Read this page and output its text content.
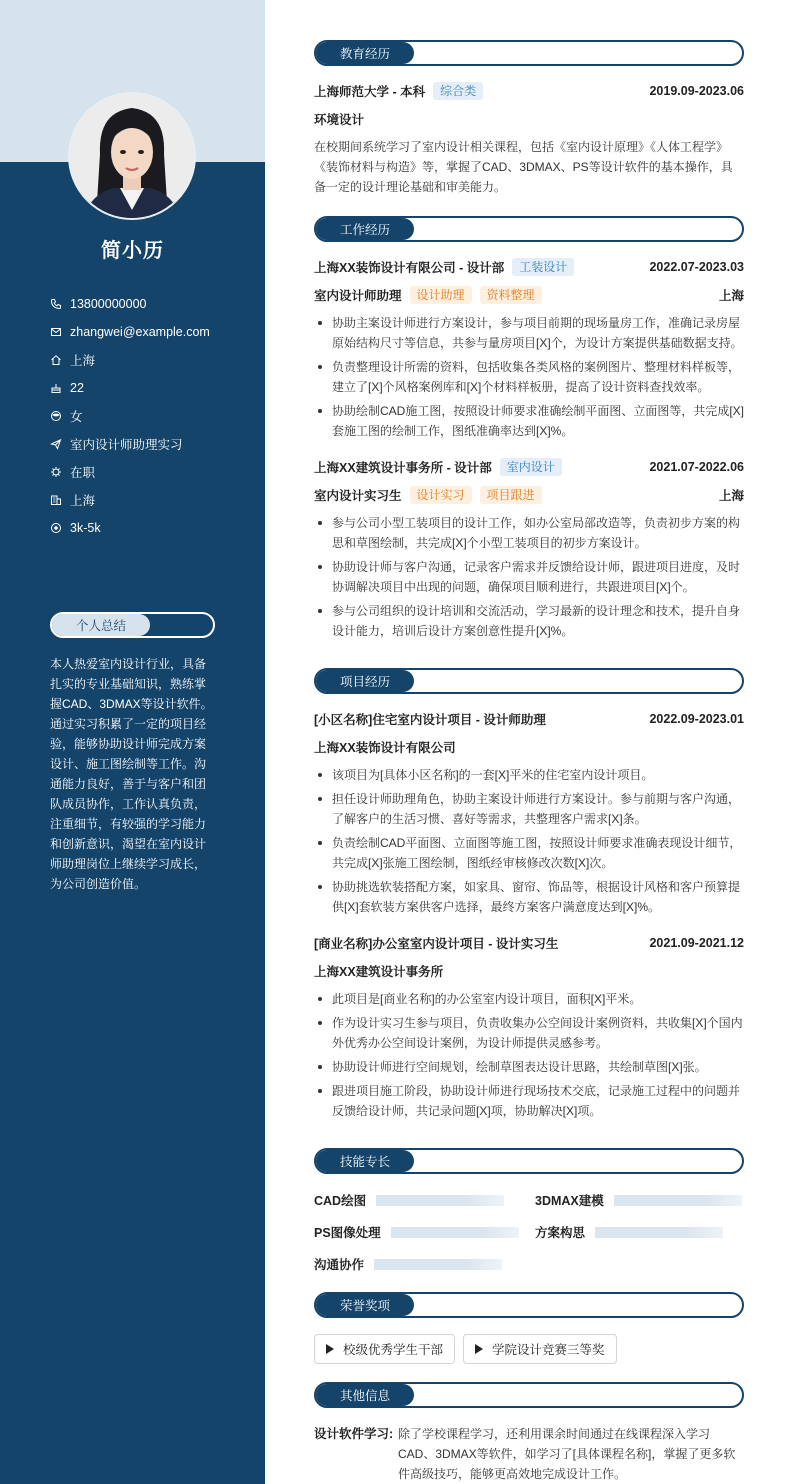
简小历
13800000000
zhangwei@example.com
上海
22
女
室内设计师助理实习
在职
上海
3k-5k
个人总结
本人热爱室内设计行业，具备扎实的专业基础知识，熟练掌握CAD、3DMAX等设计软件。通过实习积累了一定的项目经验，能够协助设计师完成方案设计、施工图绘制等工作。沟通能力良好，善于与客户和团队成员协作，工作认真负责，注重细节，有较强的学习能力和创新意识，渴望在室内设计师助理岗位上继续学习成长，为公司创造价值。
教育经历
上海师范大学 - 本科	综合类	2019.09-2023.06
环境设计
在校期间系统学习了室内设计相关课程，包括《室内设计原理》《人体工程学》《装饰材料与构造》等，掌握了CAD、3DMAX、PS等设计软件的基本操作，具备一定的设计理论基础和审美能力。
工作经历
上海XX装饰设计有限公司 - 设计部	工装设计	2022.07-2023.03
室内设计师助理	设计助理	资料整理	上海
协助主案设计师进行方案设计，参与项目前期的现场量房工作，准确记录房屋原始结构尺寸等信息，共参与量房项目[X]个，为设计方案提供基础数据支持。
负责整理设计所需的资料，包括收集各类风格的案例图片、整理材料样板等，建立了[X]个风格案例库和[X]个材料样板册，提高了设计资料查找效率。
协助绘制CAD施工图，按照设计师要求准确绘制平面图、立面图等，共完成[X]套施工图的绘制工作，图纸准确率达到[X]%。
上海XX建筑设计事务所 - 设计部	室内设计	2021.07-2022.06
室内设计实习生	设计实习	项目跟进	上海
参与公司小型工装项目的设计工作，如办公室局部改造等，负责初步方案的构思和草图绘制，共完成[X]个小型工装项目的初步方案设计。
协助设计师与客户沟通，记录客户需求并反馈给设计师，跟进项目进度，及时协调解决项目中出现的问题，确保项目顺利进行，共跟进项目[X]个。
参与公司组织的设计培训和交流活动，学习最新的设计理念和技术，提升自身设计能力，培训后设计方案创意性提升[X]%。
项目经历
[小区名称]住宅室内设计项目 - 设计师助理	2022.09-2023.01
上海XX装饰设计有限公司
该项目为[具体小区名称]的一套[X]平米的住宅室内设计项目。
担任设计师助理角色，协助主案设计师进行方案设计。参与前期与客户沟通，了解客户的生活习惯、喜好等需求，共整理客户需求[X]条。
负责绘制CAD平面图、立面图等施工图，按照设计师要求准确表现设计细节，共完成[X]张施工图绘制，图纸经审核修改次数[X]次。
协助挑选软装搭配方案，如家具、窗帘、饰品等，根据设计风格和客户预算提供[X]套软装方案供客户选择，最终方案客户满意度达到[X]%。
[商业名称]办公室室内设计项目 - 设计实习生	2021.09-2021.12
上海XX建筑设计事务所
此项目是[商业名称]的办公室室内设计项目，面积[X]平米。
作为设计实习生参与项目，负责收集办公空间设计案例资料，共收集[X]个国内外优秀办公空间设计案例，为设计师提供灵感参考。
协助设计师进行空间规划，绘制草图表达设计思路，共绘制草图[X]张。
跟进项目施工阶段，协助设计师进行现场技术交底，记录施工过程中的问题并反馈给设计师，共记录问题[X]项，协助解决[X]项。
技能专长
CAD绘图	3DMAX建模
PS图像处理	方案构思
沟通协作
荣誉奖项
校级优秀学生干部	学院设计竞赛三等奖
其他信息
设计软件学习: 除了学校课程学习，还利用课余时间通过在线课程深入学习CAD、3DMAX等软件，如学习了[具体课程名称]，掌握了更多软件高级技巧，能够更高效地完成设计工作。
